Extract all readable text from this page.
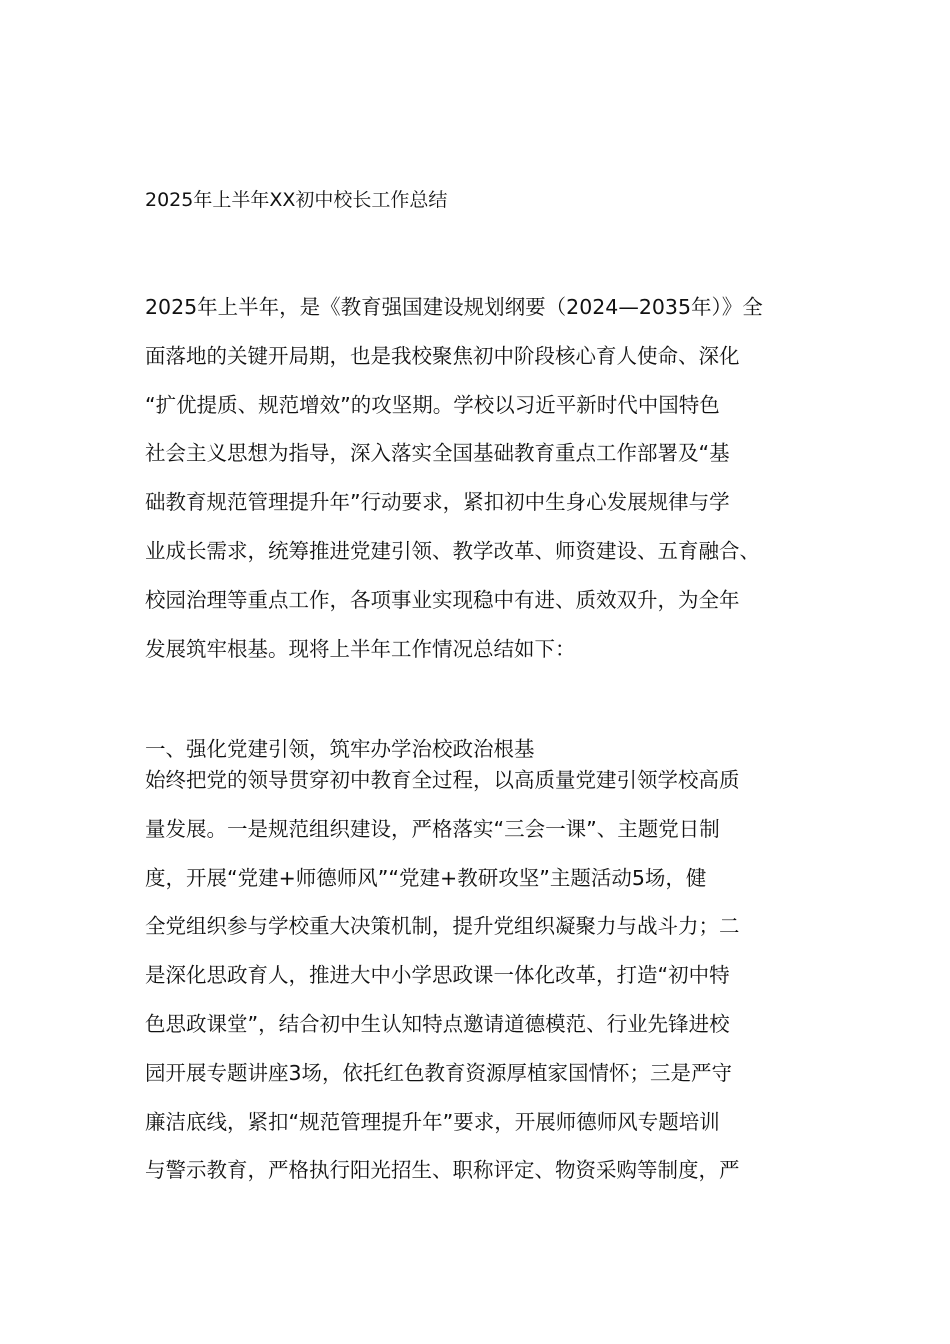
2025年上半年XX初中校长工作总结
2025年上半年，是《教育强国建设规划纲要（2024—2035年）》全
面落地的关键开局期，也是我校聚焦初中阶段核心育人使命、深化
“扩优提质、规范增效”的攻坚期。学校以习近平新时代中国特色
社会主义思想为指导，深入落实全国基础教育重点工作部署及“基
础教育规范管理提升年”行动要求，紧扣初中生身心发展规律与学
业成长需求，统筹推进党建引领、教学改革、师资建设、五育融合、
校园治理等重点工作，各项事业实现稳中有进、质效双升，为全年
发展筑牢根基。现将上半年工作情况总结如下：
一、强化党建引领，筑牢办学治校政治根基
始终把党的领导贯穿初中教育全过程，以高质量党建引领学校高质
量发展。一是规范组织建设，严格落实“三会一课”、主题党日制
度，开展“党建+师德师风”“党建+教研攻坚”主题活动5场，健
全党组织参与学校重大决策机制，提升党组织凝聚力与战斗力；二
是深化思政育人，推进大中小学思政课一体化改革，打造“初中特
色思政课堂”，结合初中生认知特点邀请道德模范、行业先锋进校
园开展专题讲座3场，依托红色教育资源厚植家国情怀；三是严守
廉洁底线，紧扣“规范管理提升年”要求，开展师德师风专题培训
与警示教育，严格执行阳光招生、职称评定、物资采购等制度，严
